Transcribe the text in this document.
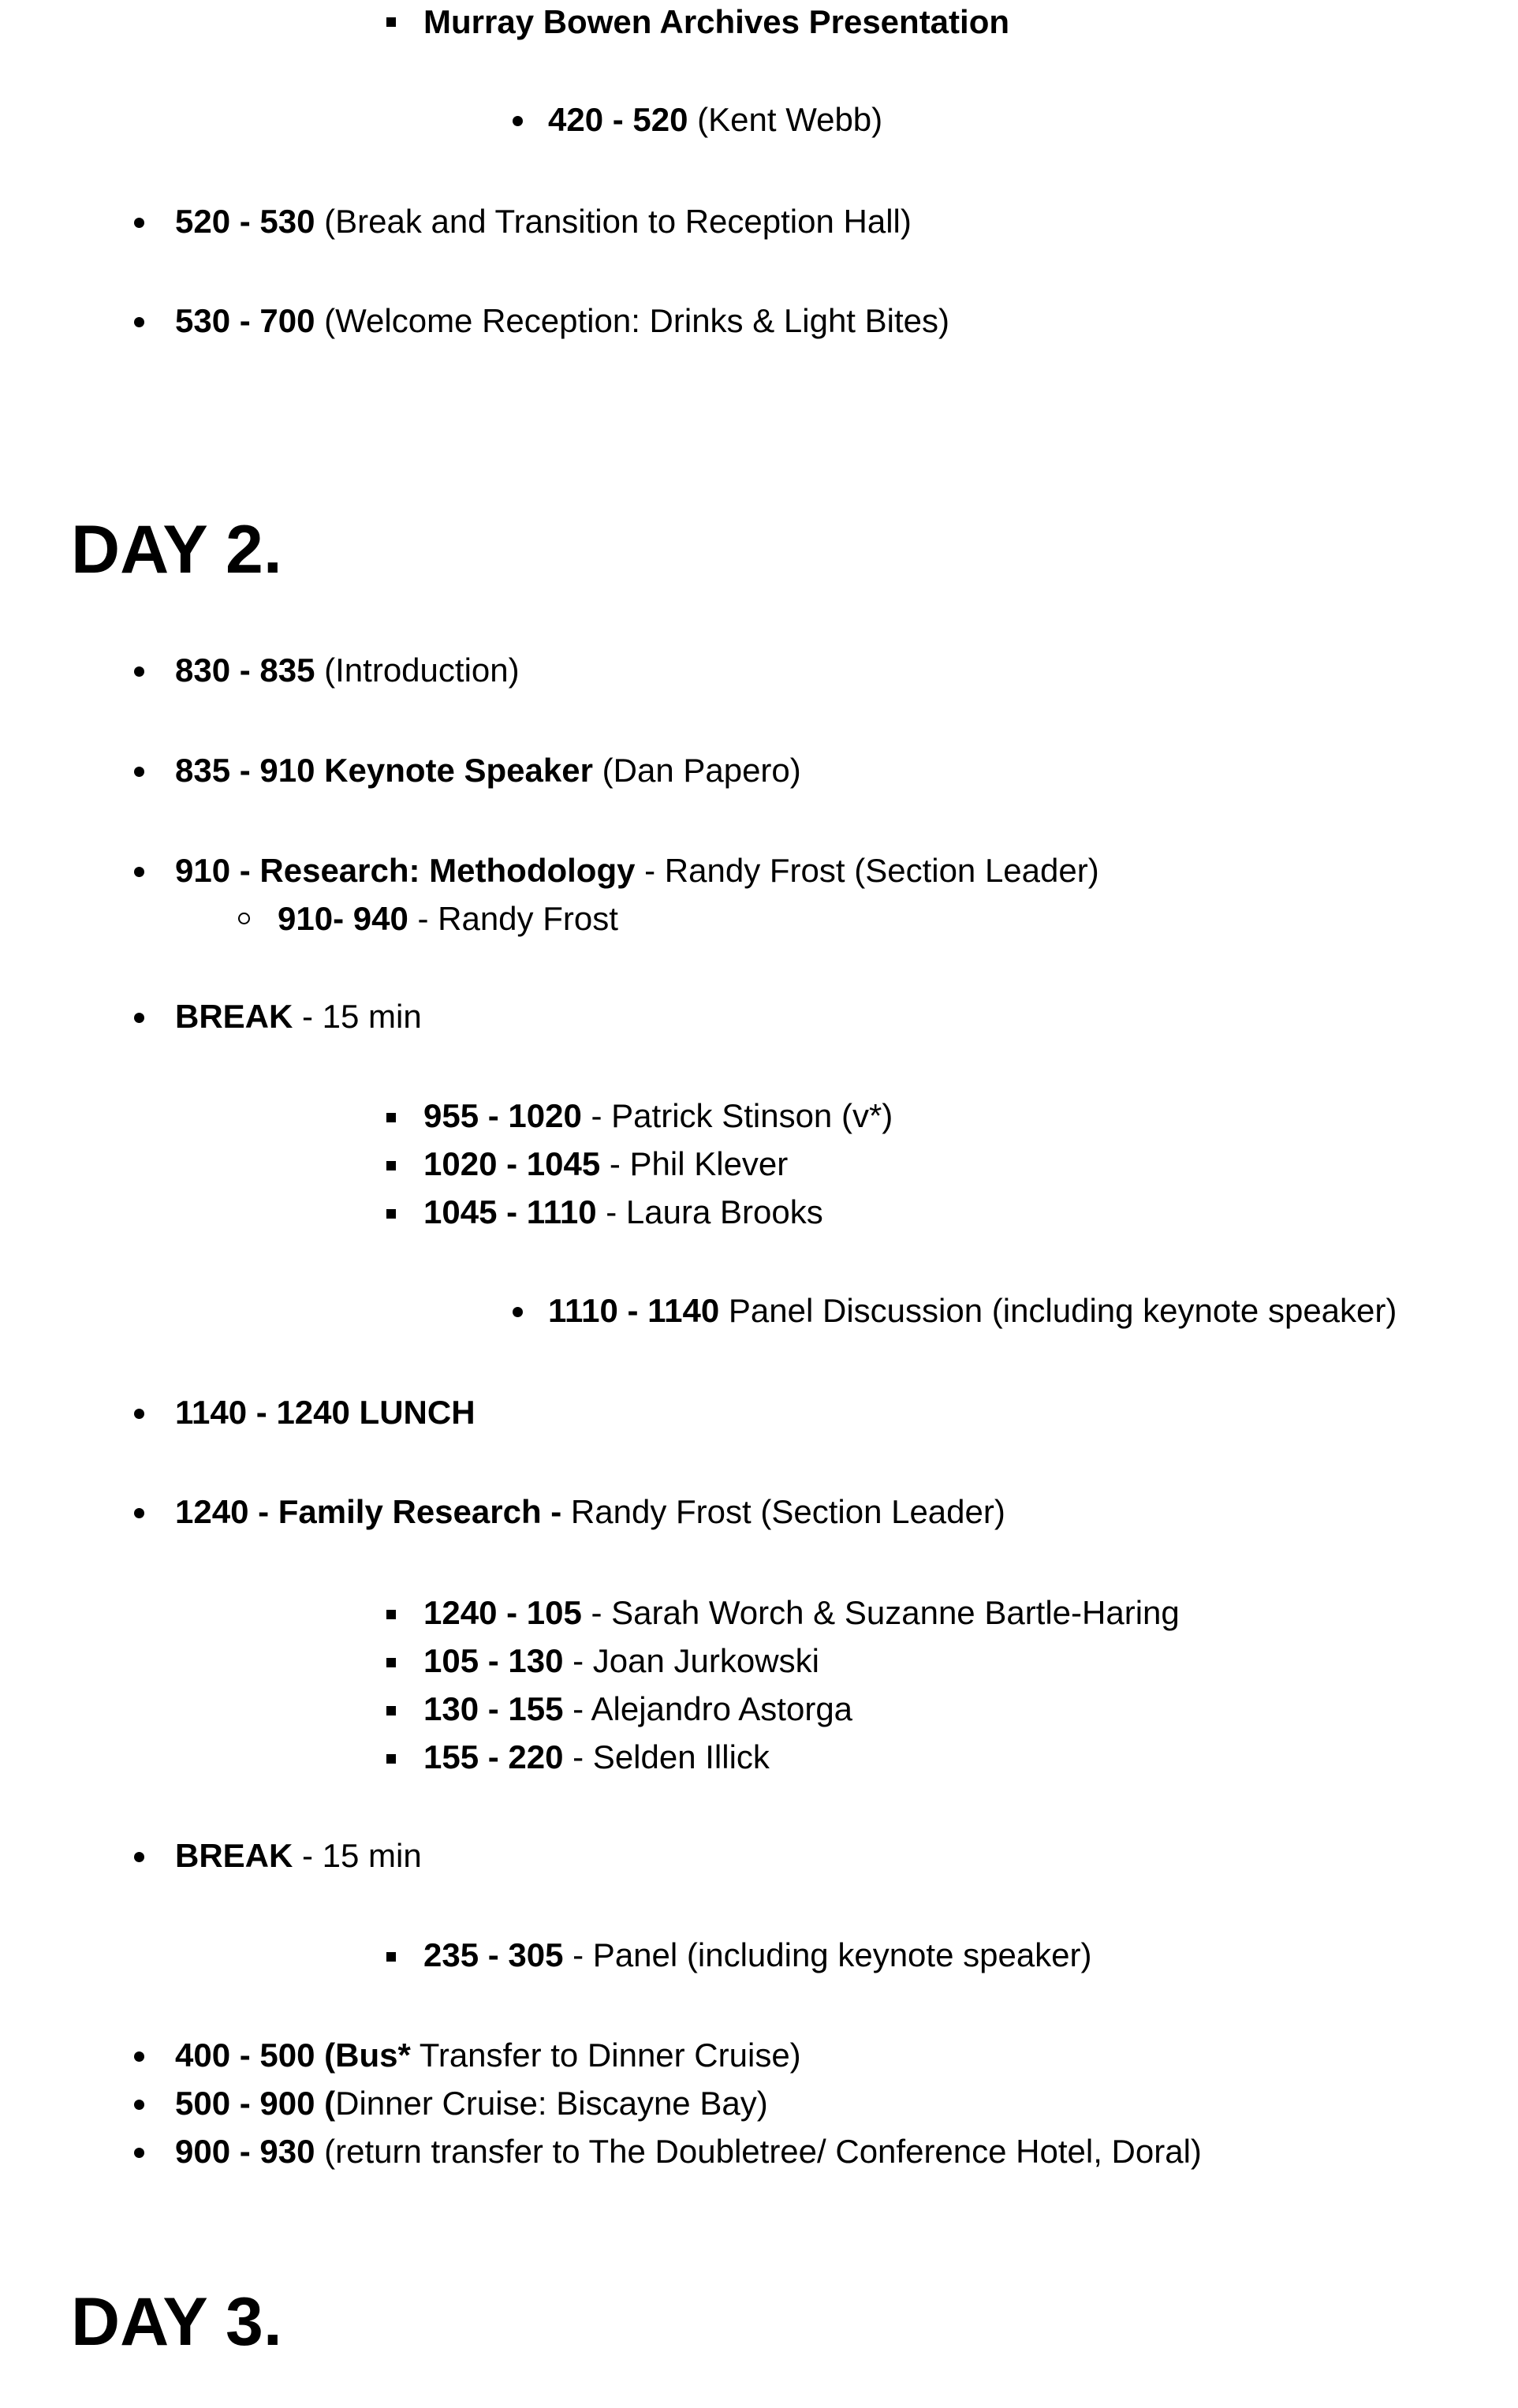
Murray Bowen Archives Presentation
420 - 520 (Kent Webb)
520 - 530 (Break and Transition to Reception Hall)
530 - 700 (Welcome Reception: Drinks & Light Bites)
DAY 2.
830 - 835 (Introduction)
835 - 910 Keynote Speaker (Dan Papero)
910 - Research: Methodology - Randy Frost (Section Leader)
910- 940 - Randy Frost
BREAK - 15 min
955 - 1020 - Patrick Stinson (v*)
1020 - 1045 - Phil Klever
1045 - 1110 - Laura Brooks
1110 - 1140 Panel Discussion (including keynote speaker)
1140 - 1240 LUNCH
1240 - Family Research - Randy Frost (Section Leader)
1240 - 105 - Sarah Worch & Suzanne Bartle-Haring
105 - 130 - Joan Jurkowski
130 - 155 - Alejandro Astorga
155 - 220 - Selden Illick
BREAK - 15 min
235 - 305 - Panel (including keynote speaker)
400 - 500 (Bus* Transfer to Dinner Cruise)
500 - 900 (Dinner Cruise: Biscayne Bay)
900 - 930 (return transfer to The Doubletree/ Conference Hotel, Doral)
DAY 3.
